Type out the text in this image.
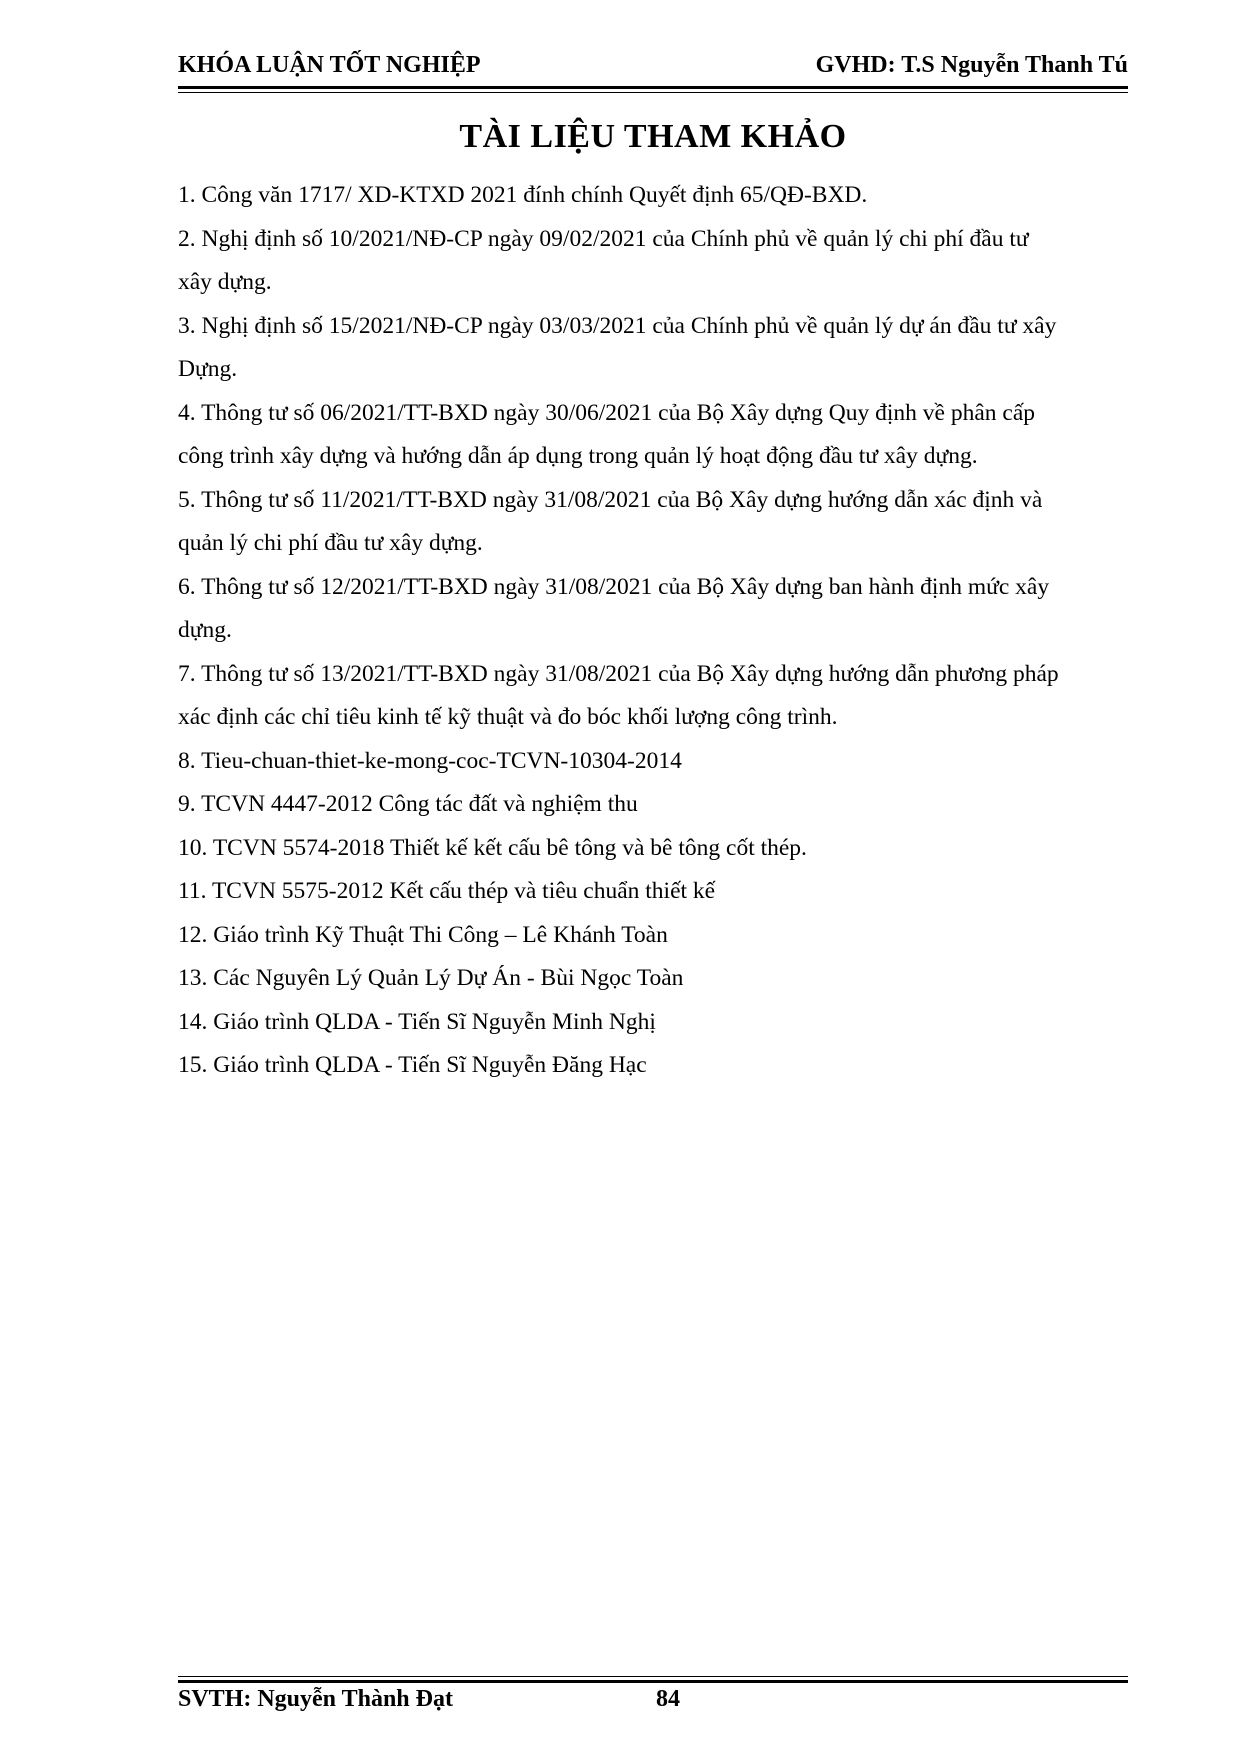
KHÓA LUẬN TỐT NGHIỆP	GVHD: T.S Nguyễn Thanh Tú
TÀI LIỆU THAM KHẢO
1. Công văn 1717/ XD-KTXD 2021 đính chính Quyết định 65/QĐ-BXD.
2. Nghị định số 10/2021/NĐ-CP ngày 09/02/2021 của Chính phủ về quản lý chi phí đầu tư
xây dựng.
3. Nghị định số 15/2021/NĐ-CP ngày 03/03/2021 của Chính phủ về quản lý dự án đầu tư xây
Dựng.
4. Thông tư số 06/2021/TT-BXD ngày 30/06/2021 của Bộ Xây dựng Quy định về phân cấp
công trình xây dựng và hướng dẫn áp dụng trong quản lý hoạt động đầu tư xây dựng.
5. Thông tư số 11/2021/TT-BXD ngày 31/08/2021 của Bộ Xây dựng hướng dẫn xác định và
quản lý chi phí đầu tư xây dựng.
6. Thông tư số 12/2021/TT-BXD ngày 31/08/2021 của Bộ Xây dựng ban hành định mức xây
dựng.
7. Thông tư số 13/2021/TT-BXD ngày 31/08/2021 của Bộ Xây dựng hướng dẫn phương pháp
xác định các chỉ tiêu kinh tế kỹ thuật và đo bóc khối lượng công trình.
8. Tieu-chuan-thiet-ke-mong-coc-TCVN-10304-2014
9. TCVN 4447-2012 Công tác đất và nghiệm thu
10. TCVN 5574-2018 Thiết kế kết cấu bê tông và bê tông cốt thép.
11. TCVN 5575-2012 Kết cấu thép và tiêu chuẩn thiết kế
12. Giáo trình Kỹ Thuật Thi Công – Lê Khánh Toàn
13. Các Nguyên Lý Quản Lý Dự Án - Bùi Ngọc Toàn
14. Giáo trình QLDA - Tiến Sĩ Nguyễn Minh Nghị
15. Giáo trình QLDA - Tiến Sĩ Nguyễn Đăng Hạc
SVTH: Nguyễn Thành Đạt	84
